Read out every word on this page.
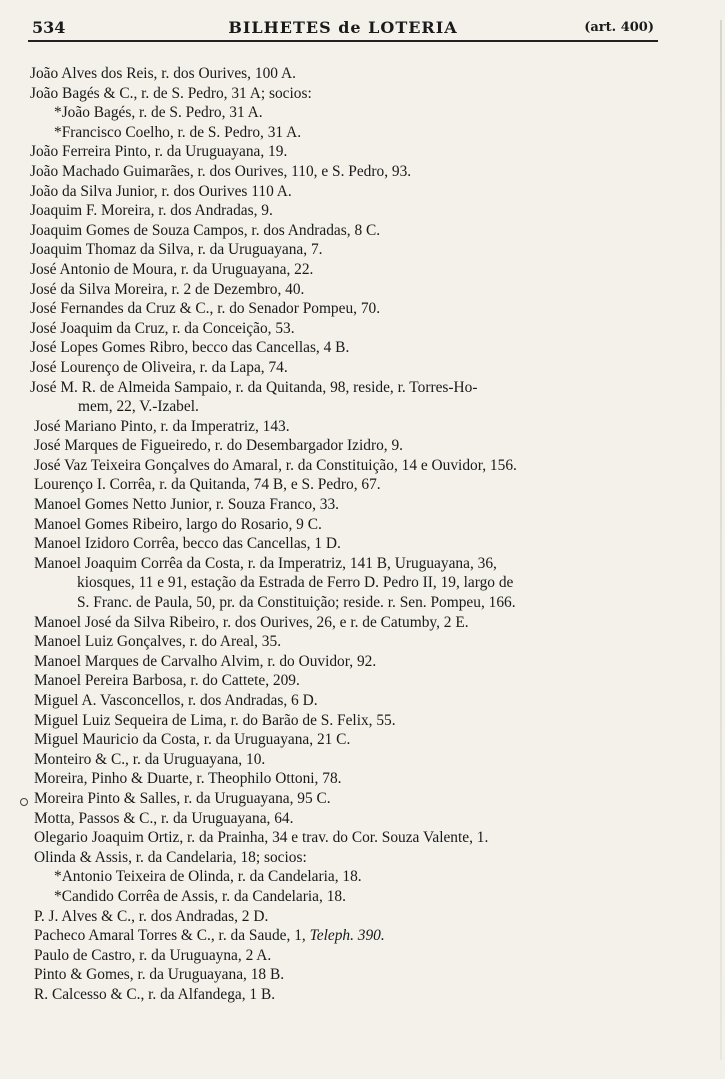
534	BILHETES de LOTERIA	(art. 400)
João Alves dos Reis, r. dos Ourives, 100 A.
João Bagés & C., r. de S. Pedro, 31 A; socios:
*João Bagés, r. de S. Pedro, 31 A.
*Francisco Coelho, r. de S. Pedro, 31 A.
João Ferreira Pinto, r. da Uruguayana, 19.
João Machado Guimarães, r. dos Ourives, 110, e S. Pedro, 93.
João da Silva Junior, r. dos Ourives 110 A.
Joaquim F. Moreira, r. dos Andradas, 9.
Joaquim Gomes de Souza Campos, r. dos Andradas, 8 C.
Joaquim Thomaz da Silva, r. da Uruguayana, 7.
José Antonio de Moura, r. da Uruguayana, 22.
José da Silva Moreira, r. 2 de Dezembro, 40.
José Fernandes da Cruz & C., r. do Senador Pompeu, 70.
José Joaquim da Cruz, r. da Conceição, 53.
José Lopes Gomes Ribro, becco das Cancellas, 4 B.
José Lourenço de Oliveira, r. da Lapa, 74.
José M. R. de Almeida Sampaio, r. da Quitanda, 98, reside, r. Torres-Ho-
mem, 22, V.-Izabel.
José Mariano Pinto, r. da Imperatriz, 143.
José Marques de Figueiredo, r. do Desembargador Izidro, 9.
José Vaz Teixeira Gonçalves do Amaral, r. da Constituição, 14 e Ouvidor, 156.
Lourenço I. Corrêa, r. da Quitanda, 74 B, e S. Pedro, 67.
Manoel Gomes Netto Junior, r. Souza Franco, 33.
Manoel Gomes Ribeiro, largo do Rosario, 9 C.
Manoel Izidoro Corrêa, becco das Cancellas, 1 D.
Manoel Joaquim Corrêa da Costa, r. da Imperatriz, 141 B, Uruguayana, 36,
kiosques, 11 e 91, estação da Estrada de Ferro D. Pedro II, 19, largo de
S. Franc. de Paula, 50, pr. da Constituição; reside. r. Sen. Pompeu, 166.
Manoel José da Silva Ribeiro, r. dos Ourives, 26, e r. de Catumby, 2 E.
Manoel Luiz Gonçalves, r. do Areal, 35.
Manoel Marques de Carvalho Alvim, r. do Ouvidor, 92.
Manoel Pereira Barbosa, r. do Cattete, 209.
Miguel A. Vasconcellos, r. dos Andradas, 6 D.
Miguel Luiz Sequeira de Lima, r. do Barão de S. Felix, 55.
Miguel Mauricio da Costa, r. da Uruguayana, 21 C.
Monteiro & C., r. da Uruguayana, 10.
Moreira, Pinho & Duarte, r. Theophilo Ottoni, 78.
Moreira Pinto & Salles, r. da Uruguayana, 95 C.
Motta, Passos & C., r. da Uruguayana, 64.
Olegario Joaquim Ortiz, r. da Prainha, 34 e trav. do Cor. Souza Valente, 1.
Olinda & Assis, r. da Candelaria, 18; socios:
*Antonio Teixeira de Olinda, r. da Candelaria, 18.
*Candido Corrêa de Assis, r. da Candelaria, 18.
P. J. Alves & C., r. dos Andradas, 2 D.
Pacheco Amaral Torres & C., r. da Saude, 1, Teleph. 390.
Paulo de Castro, r. da Uruguayna, 2 A.
Pinto & Gomes, r. da Uruguayana, 18 B.
R. Calcesso & C., r. da Alfandega, 1 B.
